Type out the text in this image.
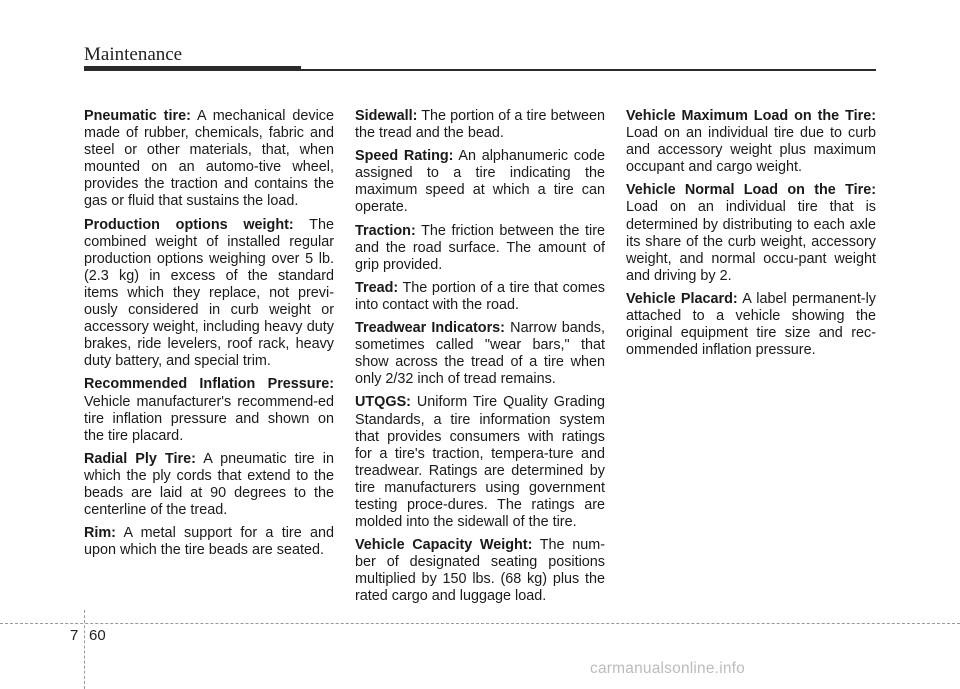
Maintenance

Pneumatic tire: A mechanical device made of rubber, chemicals, fabric and steel or other materials, that, when mounted on an automo-tive wheel, provides the traction and contains the gas or fluid that sustains the load.

Production options weight: The combined weight of installed regular production options weighing over 5 lb.(2.3 kg) in excess of the standard items which they replace, not previ-ously considered in curb weight or accessory weight, including heavy duty brakes, ride levelers, roof rack, heavy duty battery, and special trim.

Recommended Inflation Pressure: Vehicle manufacturer's recommend-ed tire inflation pressure and shown on the tire placard.

Radial Ply Tire: A pneumatic tire in which the ply cords that extend to the beads are laid at 90 degrees to the centerline of the tread.

Rim: A metal support for a tire and upon which the tire beads are seated.

Sidewall: The portion of a tire between the tread and the bead.

Speed Rating: An alphanumeric code assigned to a tire indicating the maximum speed at which a tire can operate.

Traction: The friction between the tire and the road surface. The amount of grip provided.

Tread: The portion of a tire that comes into contact with the road.

Treadwear Indicators: Narrow bands, sometimes called "wear bars," that show across the tread of a tire when only 2/32 inch of tread remains.

UTQGS: Uniform Tire Quality Grading Standards, a tire information system that provides consumers with ratings for a tire's traction, tempera-ture and treadwear. Ratings are determined by tire manufacturers using government testing proce-dures. The ratings are molded into the sidewall of the tire.

Vehicle Capacity Weight: The num-ber of designated seating positions multiplied by 150 lbs. (68 kg) plus the rated cargo and luggage load.

Vehicle Maximum Load on the Tire: Load on an individual tire due to curb and accessory weight plus maximum occupant and cargo weight.

Vehicle Normal Load on the Tire: Load on an individual tire that is determined by distributing to each axle its share of the curb weight, accessory weight, and normal occu-pant weight and driving by 2.

Vehicle Placard: A label permanent-ly attached to a vehicle showing the original equipment tire size and rec-ommended inflation pressure.

7 60
carmanualsonline.info
